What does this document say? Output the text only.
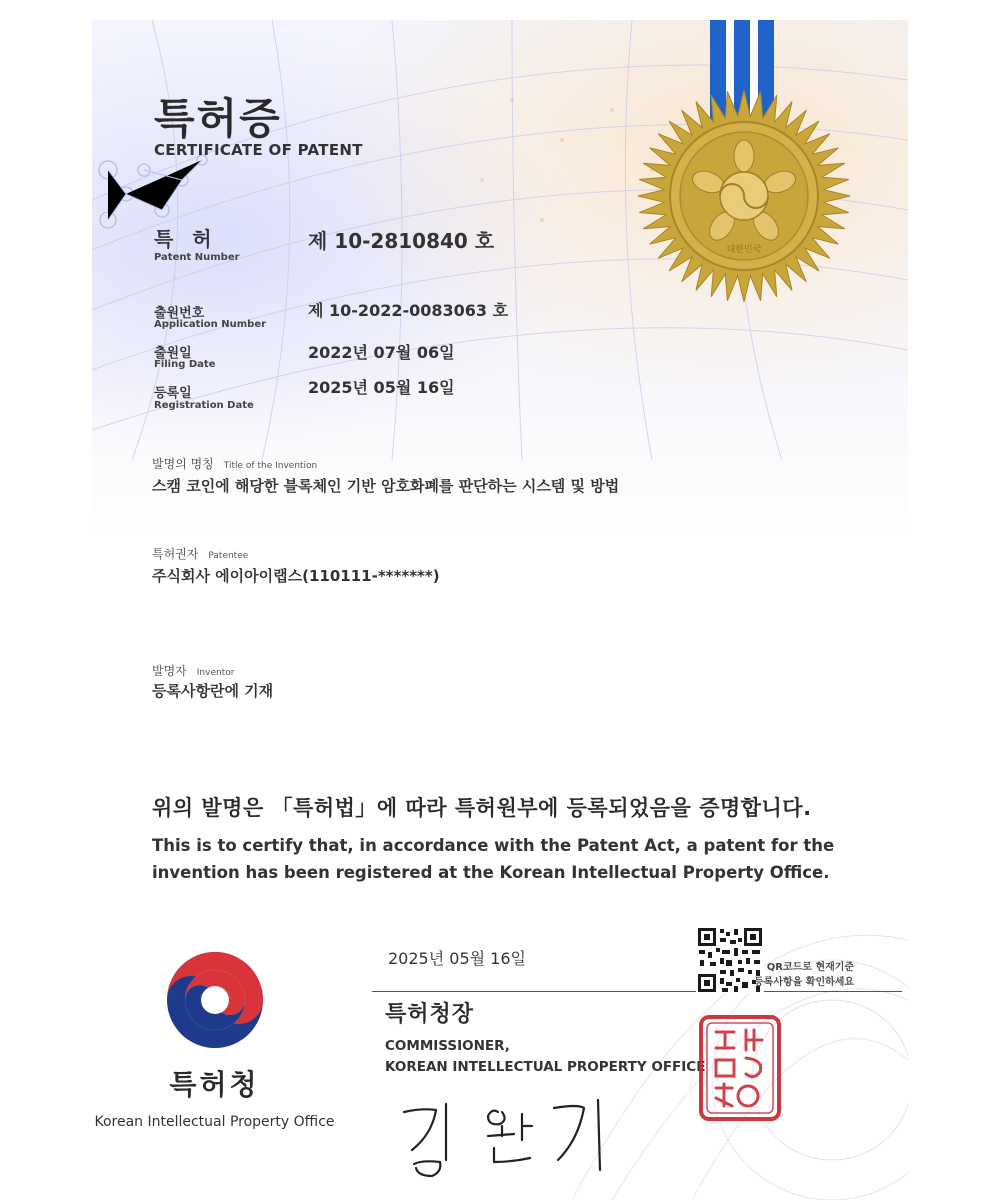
대한민국
특허증
CERTIFICATE OF PATENT
특 허
Patent Number
제 10-2810840 호
출원번호
Application Number
제 10-2022-0083063 호
출원일
Filing Date
2022년 07월 06일
등록일
Registration Date
2025년 05월 16일
발명의 명칭 Title of the Invention
스캠 코인에 해당한 블록체인 기반 암호화폐를 판단하는 시스템 및 방법
특허권자 Patentee
주식회사 에이아이랩스(110111-*******)
발명자 Inventor
등록사항란에 기재
위의 발명은 「특허법」에 따라 특허원부에 등록되었음을 증명합니다.
This is to certify that, in accordance with the Patent Act, a patent for the invention has been registered at the Korean Intellectual Property Office.
특허청
Korean Intellectual Property Office
2025년 05월 16일
특허청장
COMMISSIONER,
KOREAN INTELLECTUAL PROPERTY OFFICE
QR코드로 현재기준
등록사항을 확인하세요
